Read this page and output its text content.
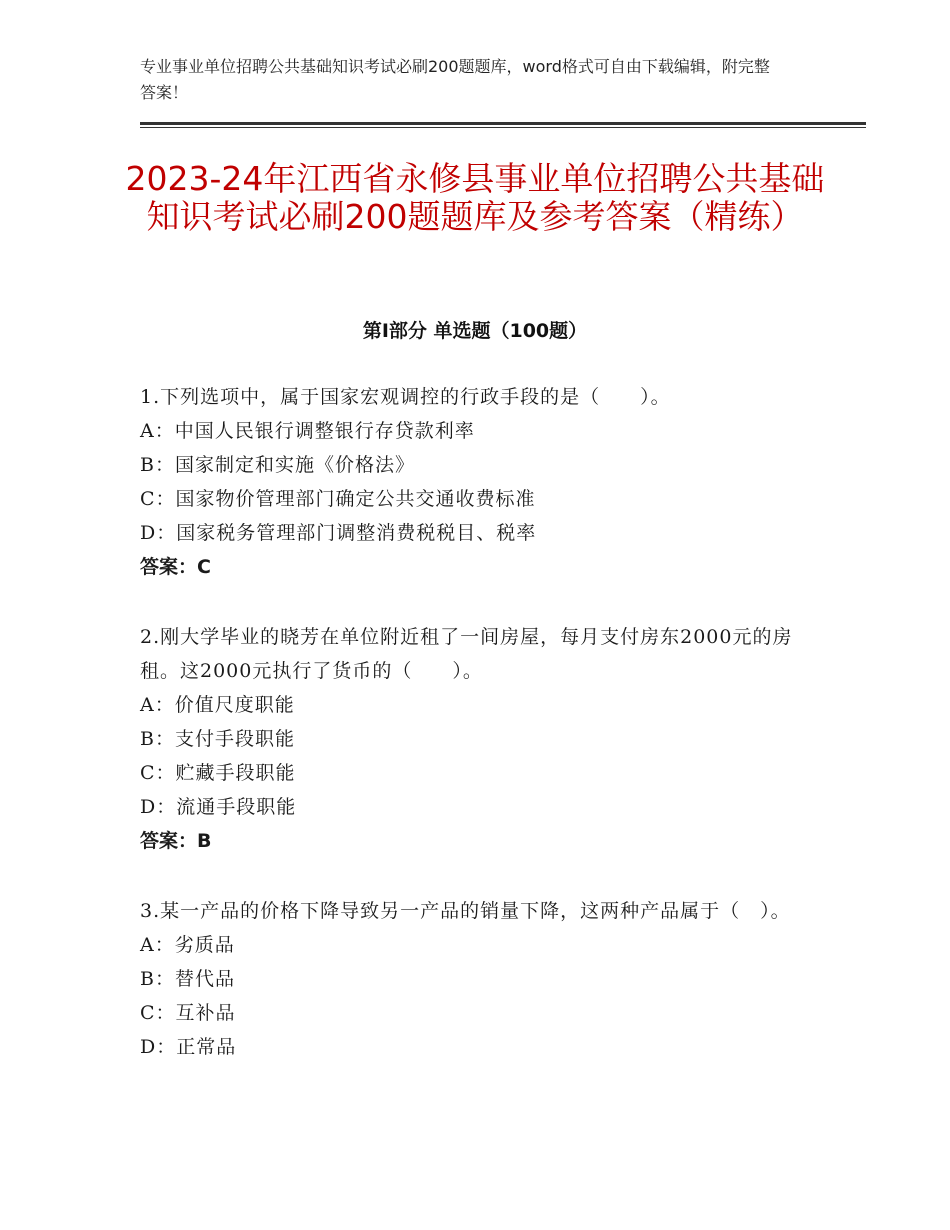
专业事业单位招聘公共基础知识考试必刷200题题库，word格式可自由下载编辑，附完整答案！
2023-24年江西省永修县事业单位招聘公共基础知识考试必刷200题题库及参考答案（精练）
第Ⅰ部分 单选题（100题）

1.下列选项中，属于国家宏观调控的行政手段的是（　　）。

A：中国人民银行调整银行存贷款利率

B：国家制定和实施《价格法》

C：国家物价管理部门确定公共交通收费标准

D：国家税务管理部门调整消费税税目、税率

答案：C

2.刚大学毕业的晓芳在单位附近租了一间房屋，每月支付房东2000元的房租。这2000元执行了货币的（　　）。

A：价值尺度职能

B：支付手段职能

C：贮藏手段职能

D：流通手段职能

答案：B

3.某一产品的价格下降导致另一产品的销量下降，这两种产品属于（　）。

A：劣质品

B：替代品

C：互补品

D：正常品
